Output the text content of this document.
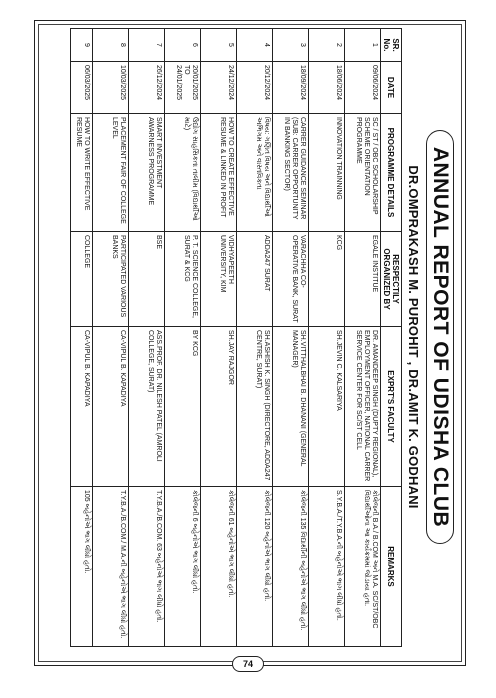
ANNUAL REPORT OF UDISHA CLUB
DR.OMPRAKASH M. PUROHIT , DR.AMIT K. GODHANI
SR. No.	DATE	PROGRAMME DETAILS	RESPECTILY ORGANIZED BY	EXPRT'S FACULTY	REMARKS
1	09/06/2024	SC / ST / OBC SCHOLARSHIP SCHEME ORIENTATION PROGRAMME	EGALE INSTITUE	DR. AMANDEEP SINGH (DUPTY REGIONAL), EMPLOYMENT OFFICER, NATIONAL CARRER SERVICE CENTER FOR SC/ST CELL	કોલેજની B.A./ B.COM અને M.A. SC/ST/OBC વિદ્યાર્થીઓના આ કાર્યક્રમમાં જોડાયા હતા.
2	18/06/2024	INNOVATION TRAINNING	KCG	SH.JEVIN C. KALSARIYA	S.Y.B.A./T.Y.B.A.ની બહેનોએ ભાગ લીધો હતો.
3	18/09/2024	CARRER GUIDANCE SEMINAR (SUB: CARRER OPPORTUNITY IN BANKING SECTOR)	VARACHHA CO-OPERATIVE BANK, SURAT	SH.VITTHALBHAI B. DHANANI (GENERAL MANAGER)	કોલેજની 135 વિદ્યાર્થીની બહેનોએ ભાગ લીધો હતો.
4	20/12/2024	વિષય: ગણિત વિષય અને વિદ્યાર્થીઓ અભિગમ અને વાસ્તવિકતા	ADDA247 SURAT	SH.ASHISH K. SINGH (DIRECTORE, ADDA247 CENTRE, SURAT)	કોલેજની 120 બહેનોએ ભાગ લીધો હતો.
5	24/12/2024	HOW TO CREATE EFFECTIVE RESUME & LINKED IN PROFIT	VIDHYAPEETH UNIVERSITY, KIM	SH.JAY RAJGOR	કોલેજની 61 બહેનોએ ભાગ લીધો હતો.
6	20/01/2025 TO 24/01/2025	ઉદ્યોગ સાહસિકતા તાલીમ (વિદ્યાર્થીઓ માટે)	P. T. SCIENCE COLLEGE, SURAT & KCG	BY KCG	કોલેજની 6 બહેનોએ ભાગ લીધો હતો.
7	26/12/2024	SMART INVESTMENT AWARNESS PROGRAMME	BSE	ASS.PROF. DR. NILESH PATEL (AMROLI COLLEGE, SURAT)	T.Y.B.A./B.COM. 63 બહેનોએ ભાગ લીધો હતો.
8	10/03/2025	PLACEMENT FAIR OF COLLEGE LEVEL	PARTICIPATED VARIOUS BANKS	CA-VIPUL B. KAPADIYA	T.Y.B.A./B.COM./ M.A.ની બહેનોએ ભાગ લીધો હતો.
9	06/03/2025	HOW TO WRITE EFFECTIVE RESUME	COLLEGE	CA-VIPUL B. KAPADIYA	105 બહેનોએ ભાગ લીધો હતો.
74
